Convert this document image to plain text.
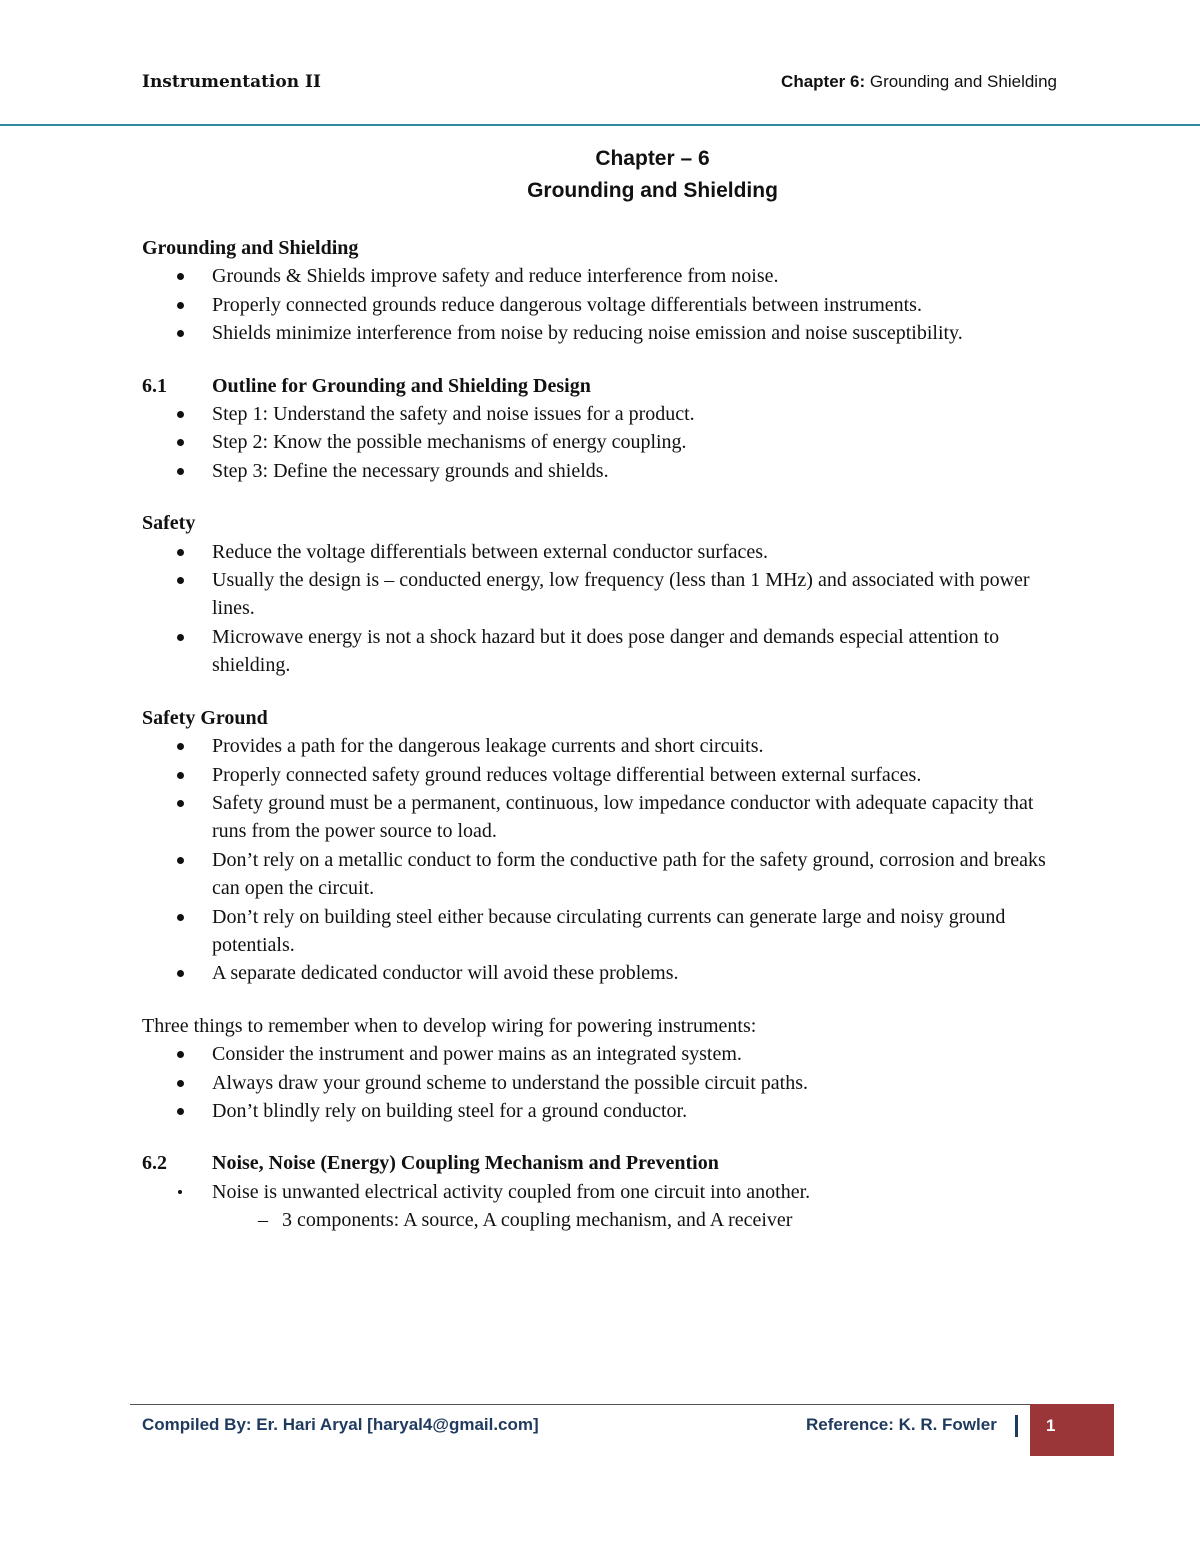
Instrumentation II	Chapter 6: Grounding and Shielding
Chapter – 6
Grounding and Shielding

Grounding and Shielding

Grounds & Shields improve safety and reduce interference from noise.
Properly connected grounds reduce dangerous voltage differentials between instruments.
Shields minimize interference from noise by reducing noise emission and noise susceptibility.

6.1 Outline for Grounding and Shielding Design

Step 1: Understand the safety and noise issues for a product.
Step 2: Know the possible mechanisms of energy coupling.
Step 3: Define the necessary grounds and shields.

Safety

Reduce the voltage differentials between external conductor surfaces.
Usually the design is – conducted energy, low frequency (less than 1 MHz) and associated with power lines.
Microwave energy is not a shock hazard but it does pose danger and demands especial attention to shielding.

Safety Ground

Provides a path for the dangerous leakage currents and short circuits.
Properly connected safety ground reduces voltage differential between external surfaces.
Safety ground must be a permanent, continuous, low impedance conductor with adequate capacity that runs from the power source to load.
Don’t rely on a metallic conduct to form the conductive path for the safety ground, corrosion and breaks can open the circuit.
Don’t rely on building steel either because circulating currents can generate large and noisy ground potentials.
A separate dedicated conductor will avoid these problems.

Three things to remember when to develop wiring for powering instruments:

Consider the instrument and power mains as an integrated system.
Always draw your ground scheme to understand the possible circuit paths.
Don’t blindly rely on building steel for a ground conductor.

6.2 Noise, Noise (Energy) Coupling Mechanism and Prevention

Noise is unwanted electrical activity coupled from one circuit into another.
– 3 components: A source, A coupling mechanism, and A receiver
Compiled By: Er. Hari Aryal [haryal4@gmail.com]	Reference: K. R. Fowler	1
